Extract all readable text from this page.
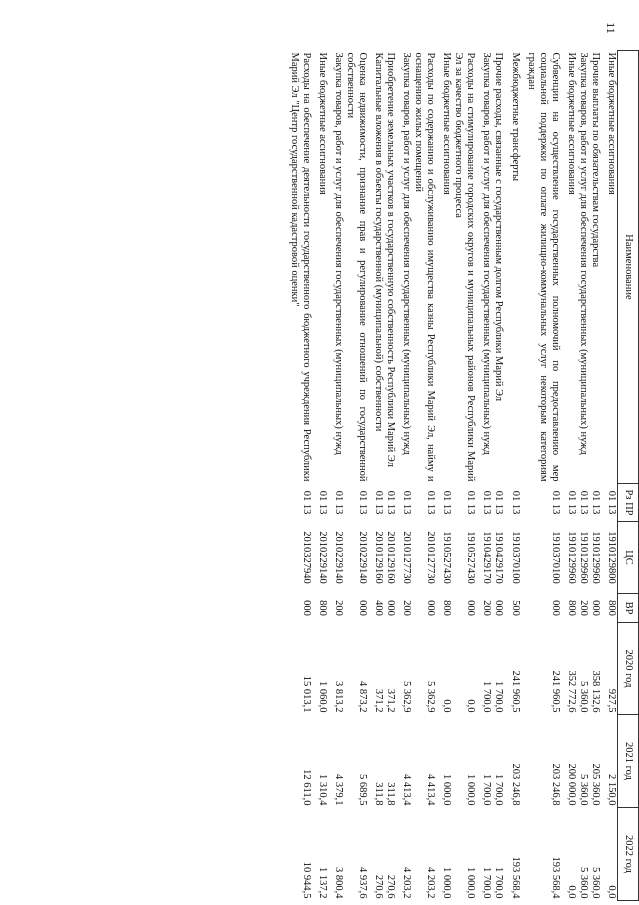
11
Наименование	Рз ПР	ЦС	ВР	2020 год	2021 год	2022 год
Иные бюджетные ассигнования	01 13	1910129800	800	927,5	2 150,0	0,0
Прочие выплаты по обязательствам государства	01 13	1910129960	000	358 132,6	205 360,0	5 360,0
Закупка товаров, работ и услуг для обеспечения государственных (муниципальных) нужд	01 13	1910129960	200	5 360,0	5 360,0	5 360,0
Иные бюджетные ассигнования	01 13	1910129960	800	352 772,6	200 000,0	0,0
Субвенции на осуществление государственных полномочий по предоставлению мер социальной поддержки по оплате жилищно-коммунальных услуг некоторым категориям граждан	01 13	1910370100	000	241 960,5	203 246,8	193 568,4
Межбюджетные трансферты	01 13	1910370100	500	241 960,5	203 246,8	193 568,4
Прочие расходы, связанные с государственным долгом Республики Марий Эл	01 13	1910429170	000	1 700,0	1 700,0	1 700,0
Закупка товаров, работ и услуг для обеспечения государственных (муниципальных) нужд	01 13	1910429170	200	1 700,0	1 700,0	1 700,0
Расходы на стимулирование городских округов и муниципальных районов Республики Марий Эл за качество бюджетного процесса	01 13	1910527430	000	0,0	1 000,0	1 000,0
Иные бюджетные ассигнования	01 13	1910527430	800	0,0	1 000,0	1 000,0
Расходы по содержанию и обслуживанию имущества казны Республики Марий Эл, найму и оснащению жилых помещений	01 13	2010127730	000	5 362,9	4 413,4	4 203,2
Закупка товаров, работ и услуг для обеспечения государственных (муниципальных) нужд	01 13	2010127730	200	5 362,9	4 413,4	4 203,2
Приобретение земельных участков в государственную собственность Республики Марий Эл	01 13	2010129160	000	371,2	311,8	270,6
Капитальные вложения в объекты государственной (муниципальной) собственности	01 13	2010129160	400	371,2	311,8	270,6
Оценка недвижимости, признание прав и регулирование отношений по государственной собственности	01 13	2010229140	000	4 873,2	5 689,5	4 937,6
Закупка товаров, работ и услуг для обеспечения государственных (муниципальных) нужд	01 13	2010229140	200	3 813,2	4 379,1	3 800,4
Иные бюджетные ассигнования	01 13	2010229140	800	1 060,0	1 310,4	1 137,2
Расходы на обеспечение деятельности государственного бюджетного учреждения Республики Марий Эл "Центр государственной кадастровой оценки"	01 13	2010327940	000	15 013,1	12 611,0	10 944,5
